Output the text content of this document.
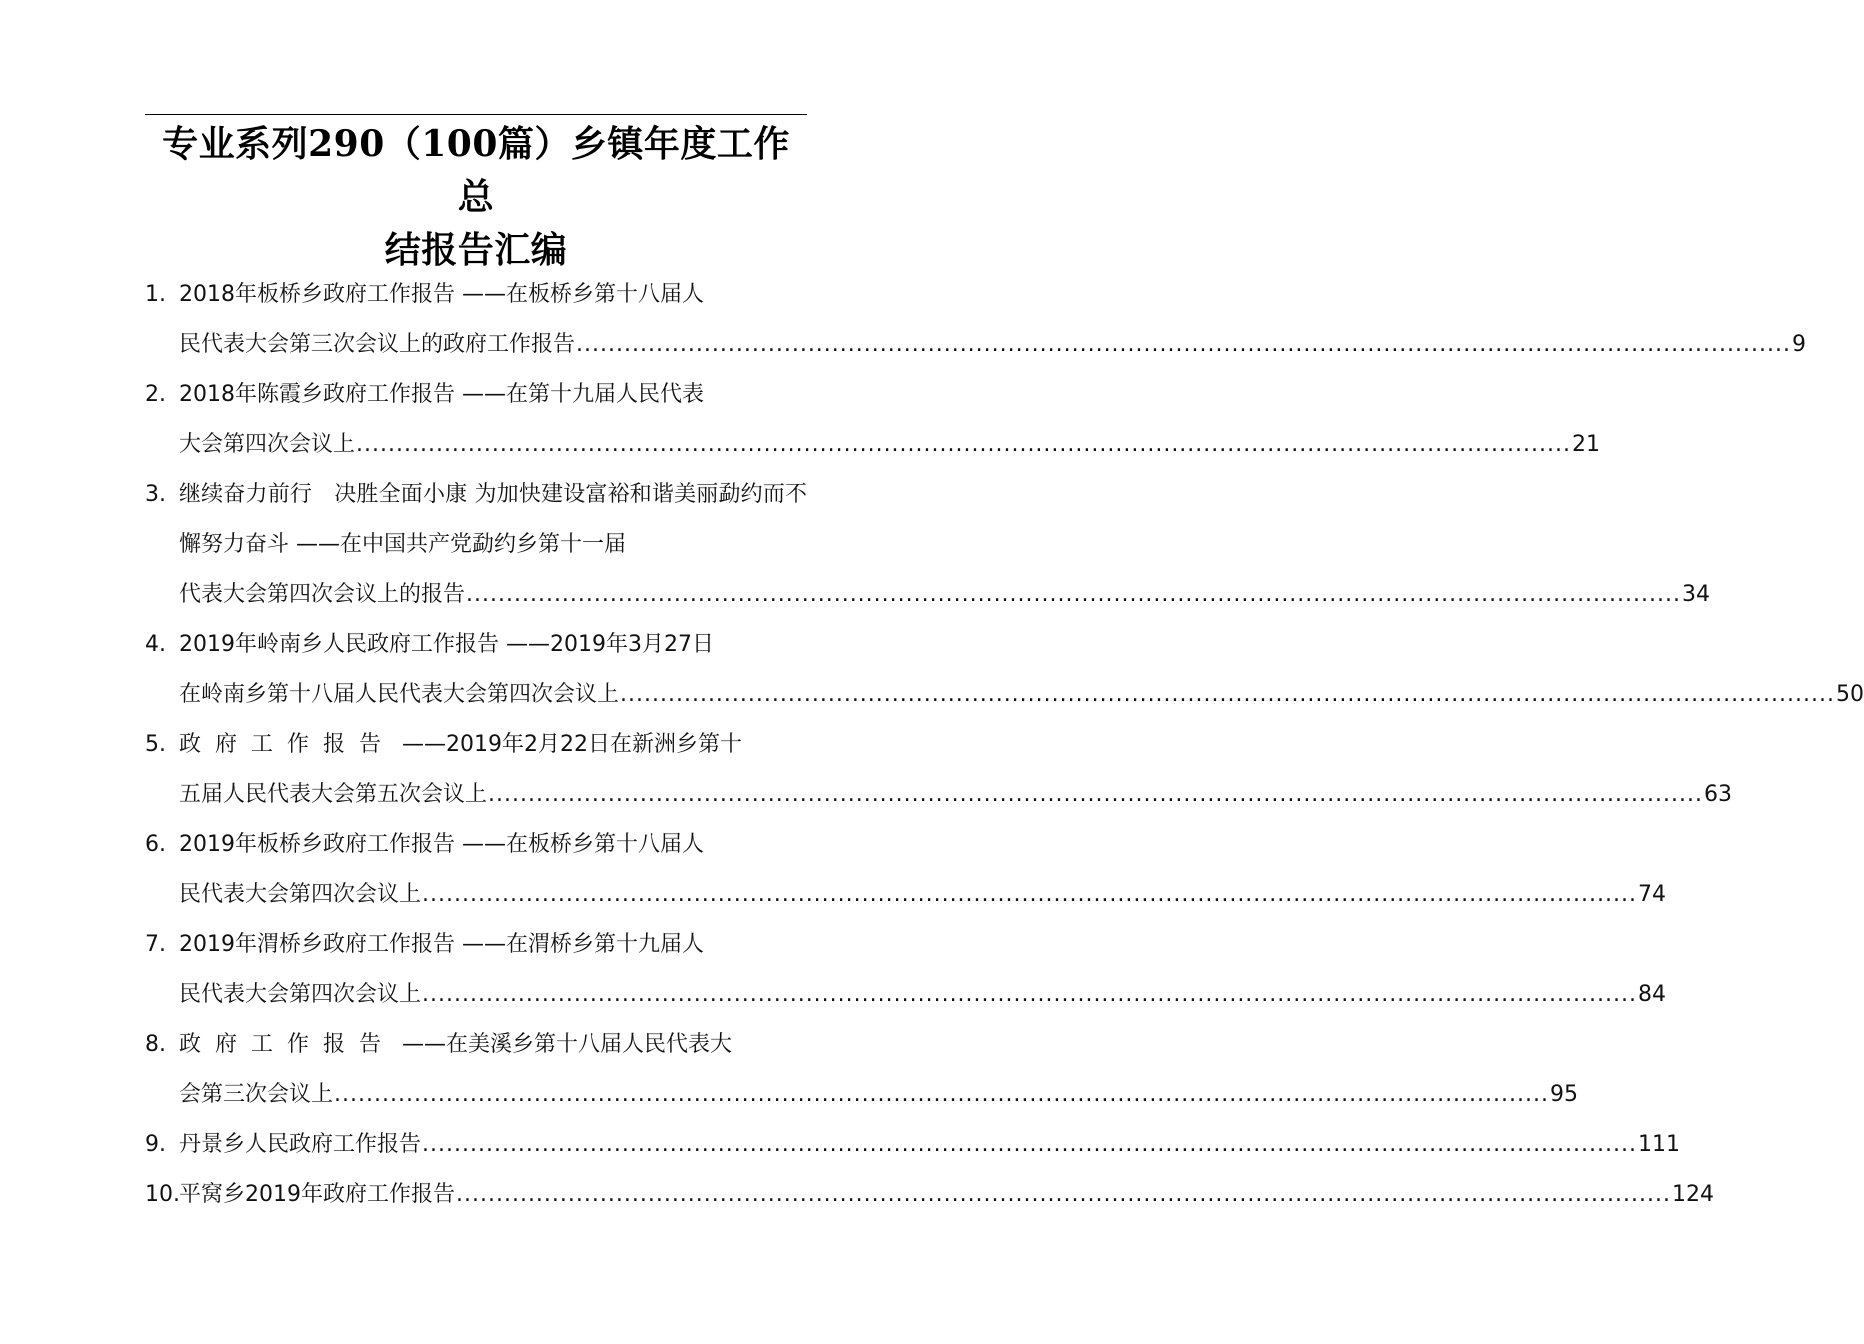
专业系列290（100篇）乡镇年度工作总
结报告汇编
1. 2018年板桥乡政府工作报告 ——在板桥乡第十八届人
民代表大会第三次会议上的政府工作报告 ........................................................................................................................................................ 9
2. 2018年陈霞乡政府工作报告 ——在第十九届人民代表
大会第四次会议上 ........................................................................................................................................................ 21
3. 继续奋力前行　决胜全面小康 为加快建设富裕和谐美丽勐约而不懈努力奋斗 ——在中国共产党勐约乡第十一届
代表大会第四次会议上的报告 ........................................................................................................................................................ 34
4. 2019年岭南乡人民政府工作报告 ——2019年3月27日
在岭南乡第十八届人民代表大会第四次会议上 ........................................................................................................................................................ 50
5. 政府工作报告 ——2019年2月22日在新洲乡第十
五届人民代表大会第五次会议上 ........................................................................................................................................................ 63
6. 2019年板桥乡政府工作报告 ——在板桥乡第十八届人
民代表大会第四次会议上 ........................................................................................................................................................ 74
7. 2019年渭桥乡政府工作报告 ——在渭桥乡第十九届人
民代表大会第四次会议上 ........................................................................................................................................................ 84
8. 政府工作报告 ——在美溪乡第十八届人民代表大
会第三次会议上 ........................................................................................................................................................ 95
9. 丹景乡人民政府工作报告 ........................................................................................................................................................ 111
10. 平窝乡2019年政府工作报告 ........................................................................................................................................................ 124
